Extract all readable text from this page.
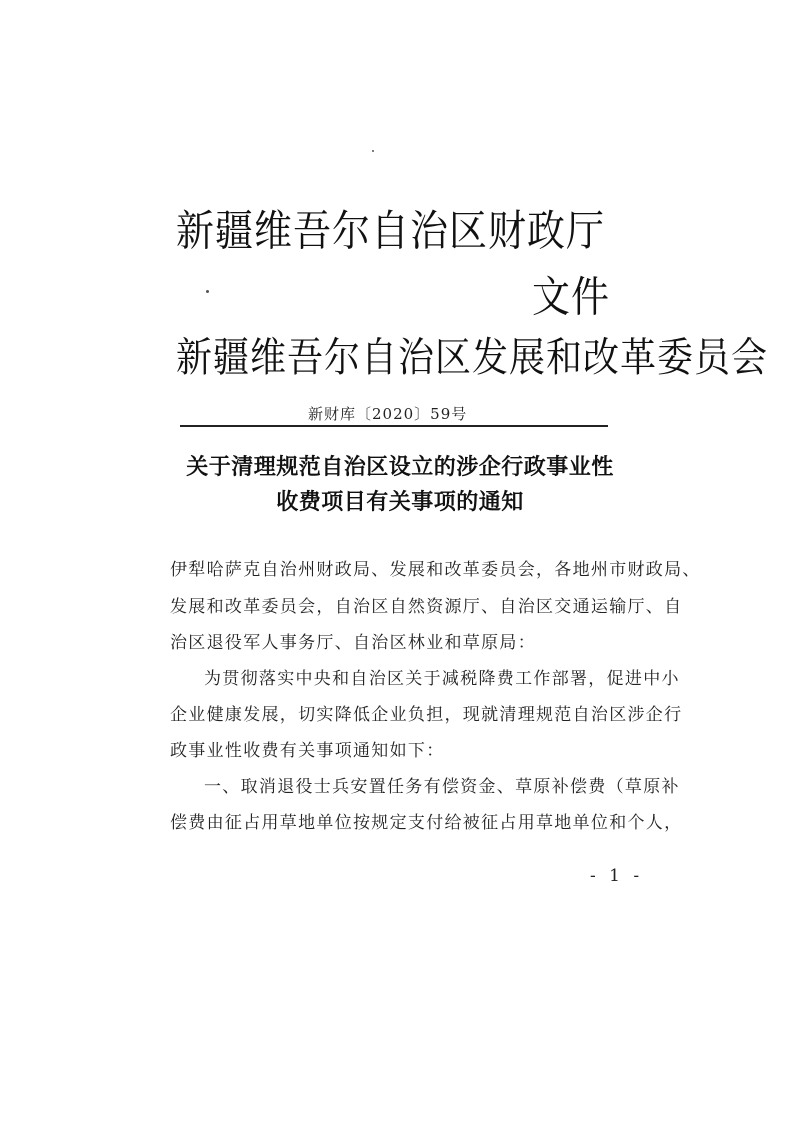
新疆维吾尔自治区财政厅
文件
新疆维吾尔自治区发展和改革委员会
新财库〔2020〕59号
关于清理规范自治区设立的涉企行政事业性
收费项目有关事项的通知
伊犁哈萨克自治州财政局、发展和改革委员会，各地州市财政局、
发展和改革委员会，自治区自然资源厅、自治区交通运输厅、自
治区退役军人事务厅、自治区林业和草原局：
为贯彻落实中央和自治区关于减税降费工作部署，促进中小
企业健康发展，切实降低企业负担，现就清理规范自治区涉企行
政事业性收费有关事项通知如下：
一、取消退役士兵安置任务有偿资金、草原补偿费（草原补
偿费由征占用草地单位按规定支付给被征占用草地单位和个人，
- 1 -
